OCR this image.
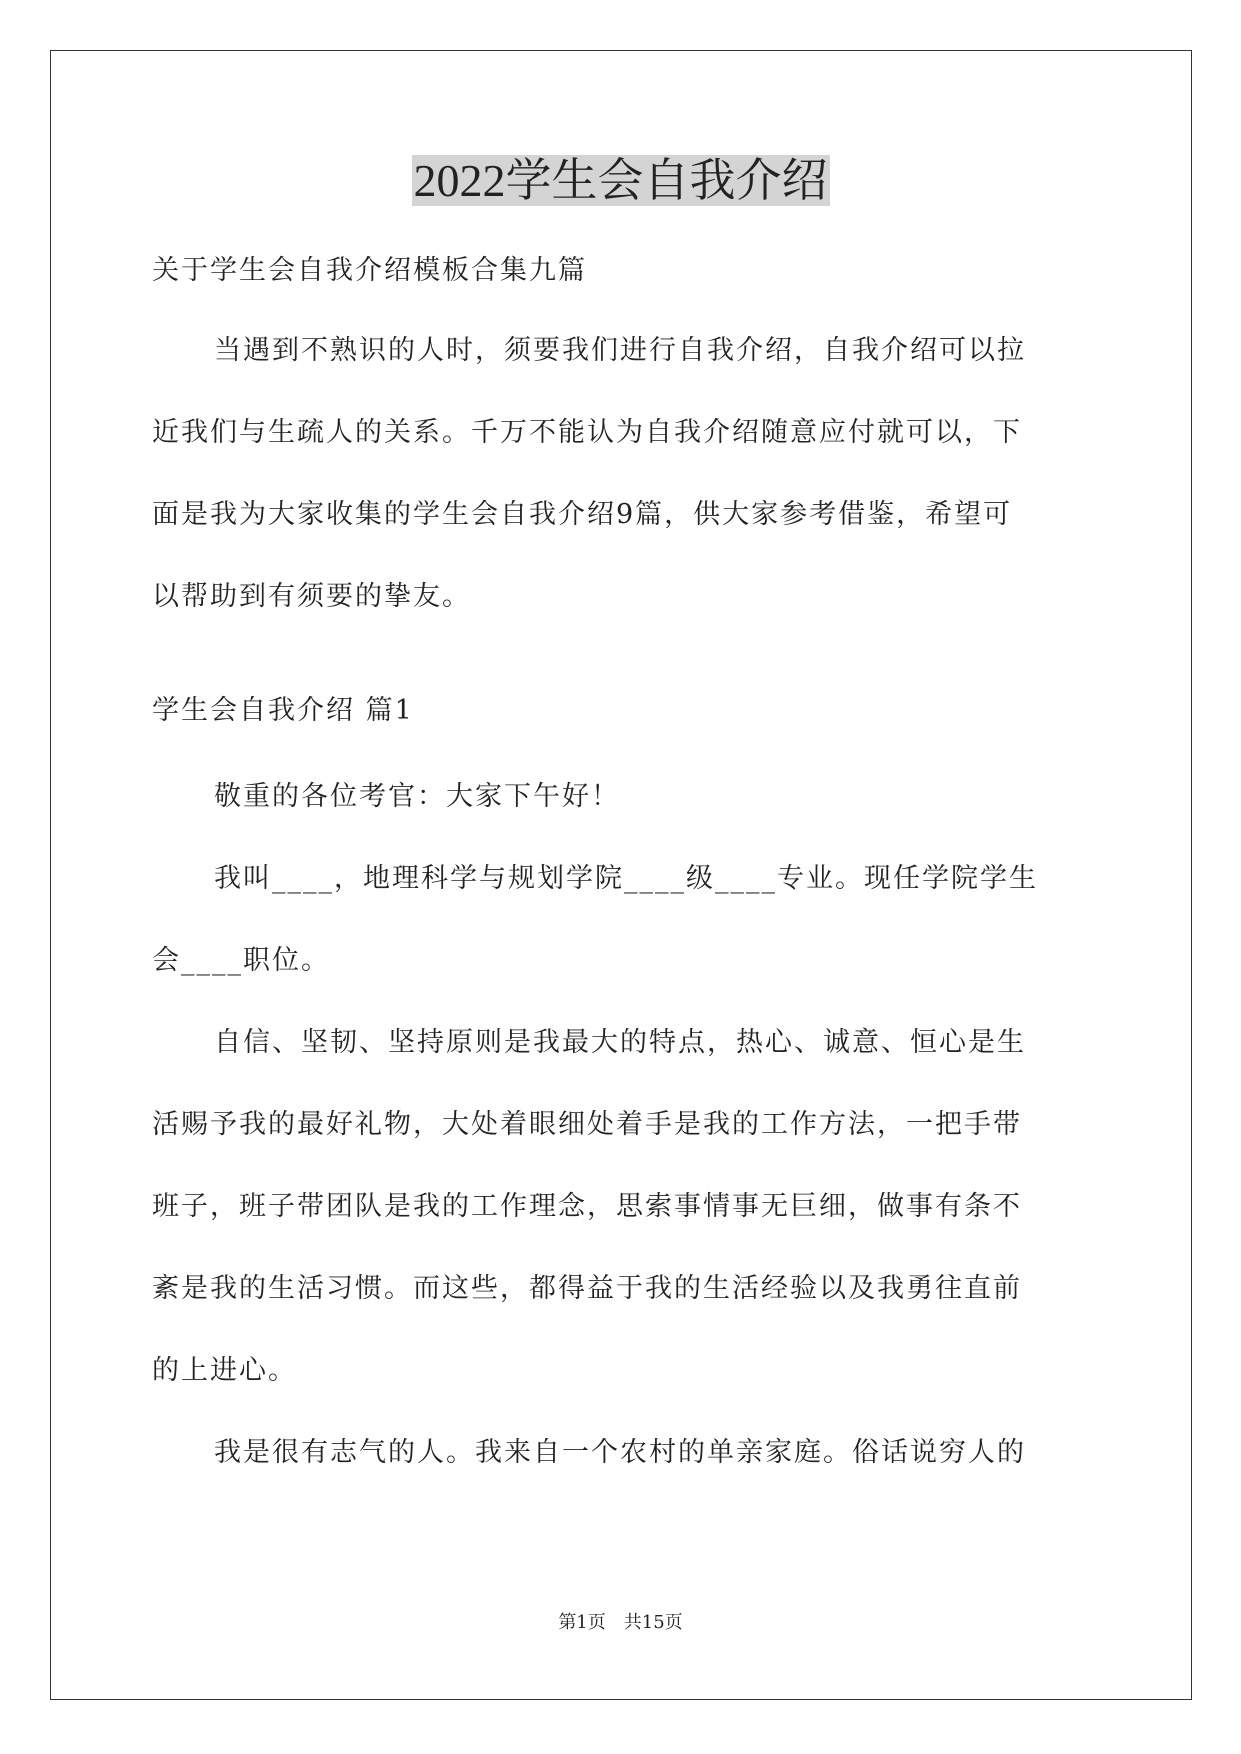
2022学生会自我介绍

关于学生会自我介绍模板合集九篇

当遇到不熟识的人时，须要我们进行自我介绍，自我介绍可以拉

近我们与生疏人的关系。千万不能认为自我介绍随意应付就可以，下

面是我为大家收集的学生会自我介绍9篇，供大家参考借鉴，希望可

以帮助到有须要的挚友。

学生会自我介绍 篇1

敬重的各位考官：大家下午好！

我叫____，地理科学与规划学院____级____专业。现任学院学生

会____职位。

自信、坚韧、坚持原则是我最大的特点，热心、诚意、恒心是生

活赐予我的最好礼物，大处着眼细处着手是我的工作方法，一把手带

班子，班子带团队是我的工作理念，思索事情事无巨细，做事有条不

紊是我的生活习惯。而这些，都得益于我的生活经验以及我勇往直前

的上进心。

我是很有志气的人。我来自一个农村的单亲家庭。俗话说穷人的

第1页　共15页
